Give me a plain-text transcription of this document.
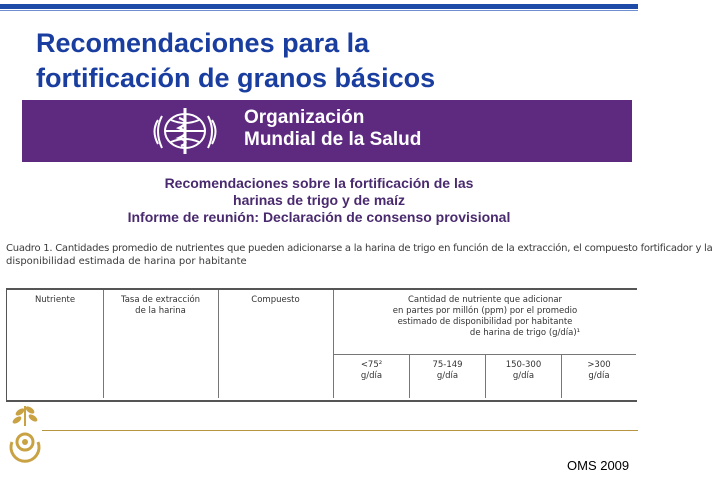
Recomendaciones para la
fortificación de granos básicos
Organización
Mundial de la Salud
Recomendaciones sobre la fortificación de las
harinas de trigo y de maíz
Informe de reunión: Declaración de consenso provisional
Cuadro 1. Cantidades promedio de nutrientes que pueden adicionarse a la harina de trigo en función de la extracción, el compuesto fortificador y la
disponibilidad estimada de harina por habitante
Nutriente	Tasa de extracción
de la harina
Compuesto	Cantidad de nutriente que adicionar
en partes por millón (ppm) por el promedio
estimado de disponibilidad por habitante
de harina de trigo (g/día)¹
<75²
g/día
75-149
g/día
150-300
g/día
>300
g/día
OMS 2009
